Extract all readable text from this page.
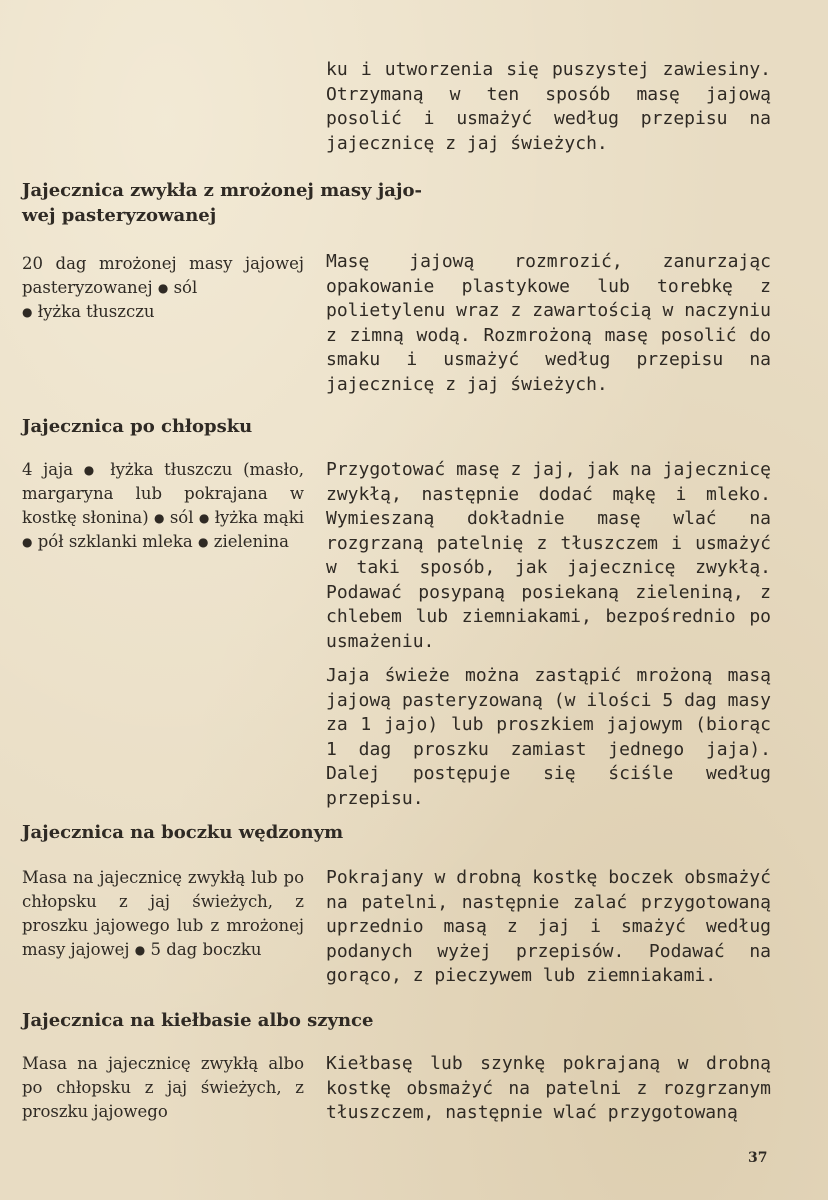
ku i utworzenia się puszystej zawiesiny. Otrzymaną w ten sposób masę jajową posolić i usmażyć według przepisu na jajecznicę z jaj świeżych.

Jajecznica zwykła z mrożonej masy jajo-
wej pasteryzowanej

20 dag mrożonej masy jajowej pasteryzowanej ● sól
● łyżka tłuszczu

Masę jajową rozmrozić, zanurzając opakowanie plastykowe lub torebkę z polietylenu wraz z zawartością w naczyniu z zimną wodą. Rozmrożoną masę posolić do smaku i usmażyć według przepisu na jajecznicę z jaj świeżych.

Jajecznica po chłopsku

4 jaja ● łyżka tłuszczu (masło, margaryna lub pokrajana w kostkę słonina) ● sól ● łyżka mąki ● pół szklanki mleka ● zielenina

Przygotować masę z jaj, jak na jajecznicę zwykłą, następnie dodać mąkę i mleko. Wymieszaną dokładnie masę wlać na rozgrzaną patelnię z tłuszczem i usmażyć w taki sposób, jak jajecznicę zwykłą. Podawać posypaną posiekaną zieleniną, z chlebem lub ziemniakami, bezpośrednio po usmażeniu.

Jaja świeże można zastąpić mrożoną masą jajową pasteryzowaną (w ilości 5 dag masy za 1 jajo) lub proszkiem jajowym (biorąc 1 dag proszku zamiast jednego jaja). Dalej postępuje się ściśle według przepisu.

Jajecznica na boczku wędzonym

Masa na jajecznicę zwykłą lub po chłopsku z jaj świeżych, z proszku jajowego lub z mrożonej masy jajowej ● 5 dag boczku

Pokrajany w drobną kostkę boczek obsmażyć na patelni, następnie zalać przygotowaną uprzednio masą z jaj i smażyć według podanych wyżej przepisów. Podawać na gorąco, z pieczywem lub ziemniakami.

Jajecznica na kiełbasie albo szynce

Masa na jajecznicę zwykłą albo po chłopsku z jaj świeżych, z proszku jajowego

Kiełbasę lub szynkę pokrajaną w drobną kostkę obsmażyć na patelni z rozgrzanym tłuszczem, następnie wlać przygotowaną

37
